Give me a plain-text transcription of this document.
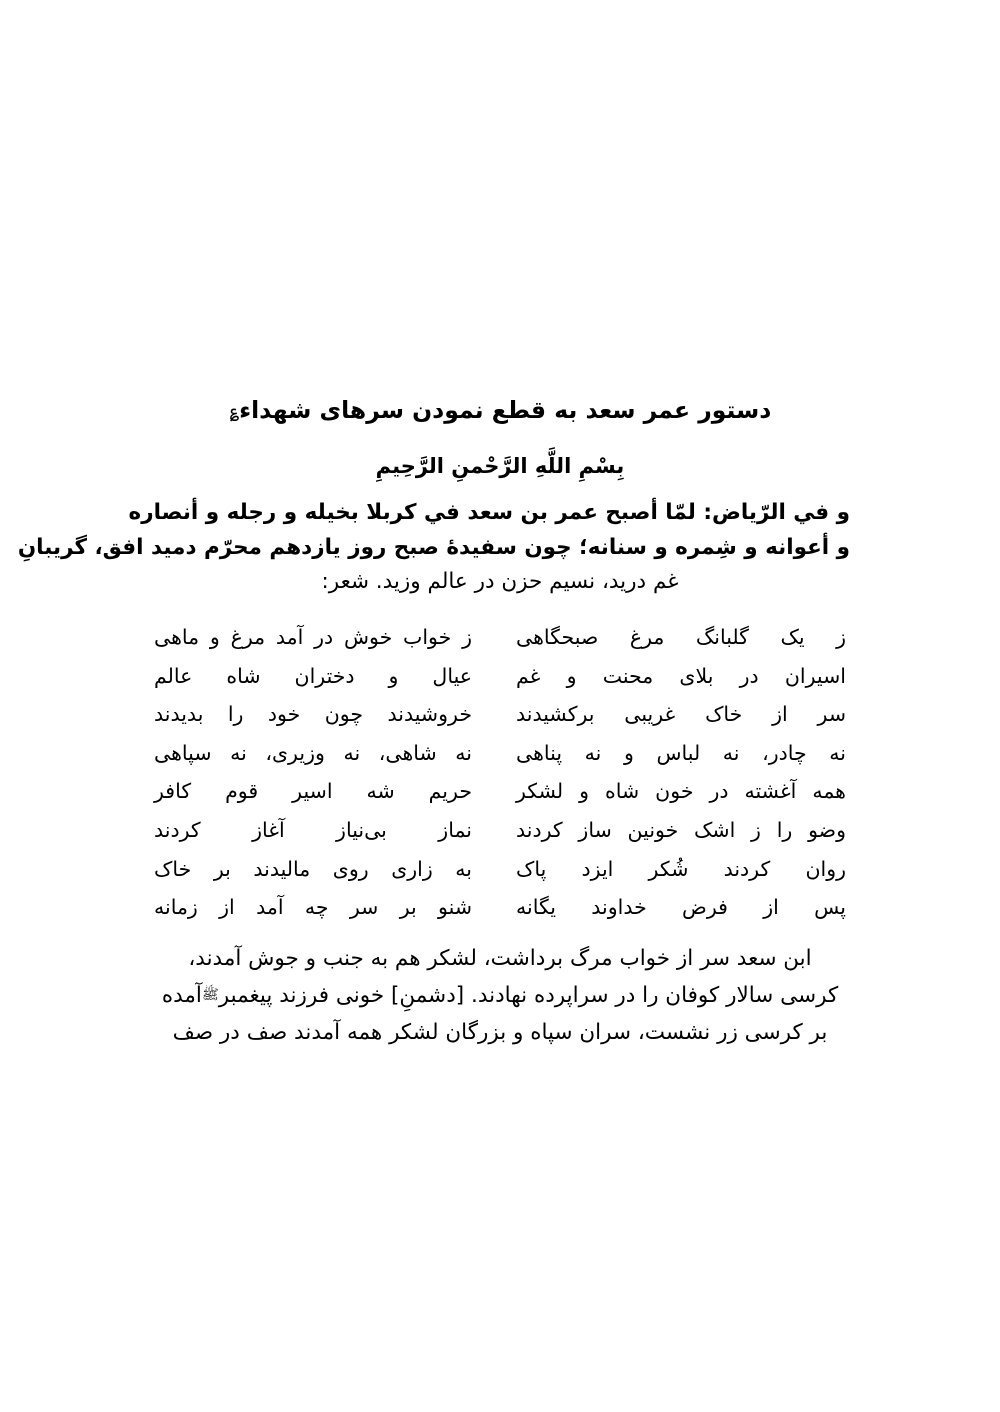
دستور عمر سعد به قطع نمودن سرهای شهداء؏

بِسْمِ اللَّهِ الرَّحْمنِ الرَّحِيمِ

و في الرّياض: لمّا أصبح عمر بن سعد في كربلا بخيله و رجله و أنصاره
و أعوانه و شِمره و سنانه؛ چون سفیدهٔ صبح روز یازدهم محرّم دمید افق، گریبانِ
غم درید، نسیم حزن در عالم وزید. شعر:
ز یک گلبانگ مرغ صبحگاهی
ز خواب خوش در آمد مرغ و ماهی
اسیران در بلای محنت و غم
عیال و دختران شاه عالم
سر از خاک غریبی برکشیدند
خروشیدند چون خود را بدیدند
نه چادر، نه لباس و نه پناهی
نه شاهی، نه وزیری، نه سپاهی
همه آغشته در خون شاه و لشکر
حریم شه اسیر قوم کافر
وضو را ز اشک خونین ساز کردند
نماز بی‌نیاز آغاز کردند
روان کردند شُکر ایزد پاک
به زاری روی مالیدند بر خاک
پس از فرض خداوند یگانه
شنو بر سر چه آمد از زمانه
ابن سعد سر از خواب مرگ برداشت، لشکر هم به جنب و جوش آمدند،
کرسی سالار کوفان را در سراپرده نهادند. [دشمنِ] خونی فرزند پیغمبرﷺآمده
بر کرسی زر نشست، سران سپاه و بزرگان لشکر همه آمدند صف در صف
